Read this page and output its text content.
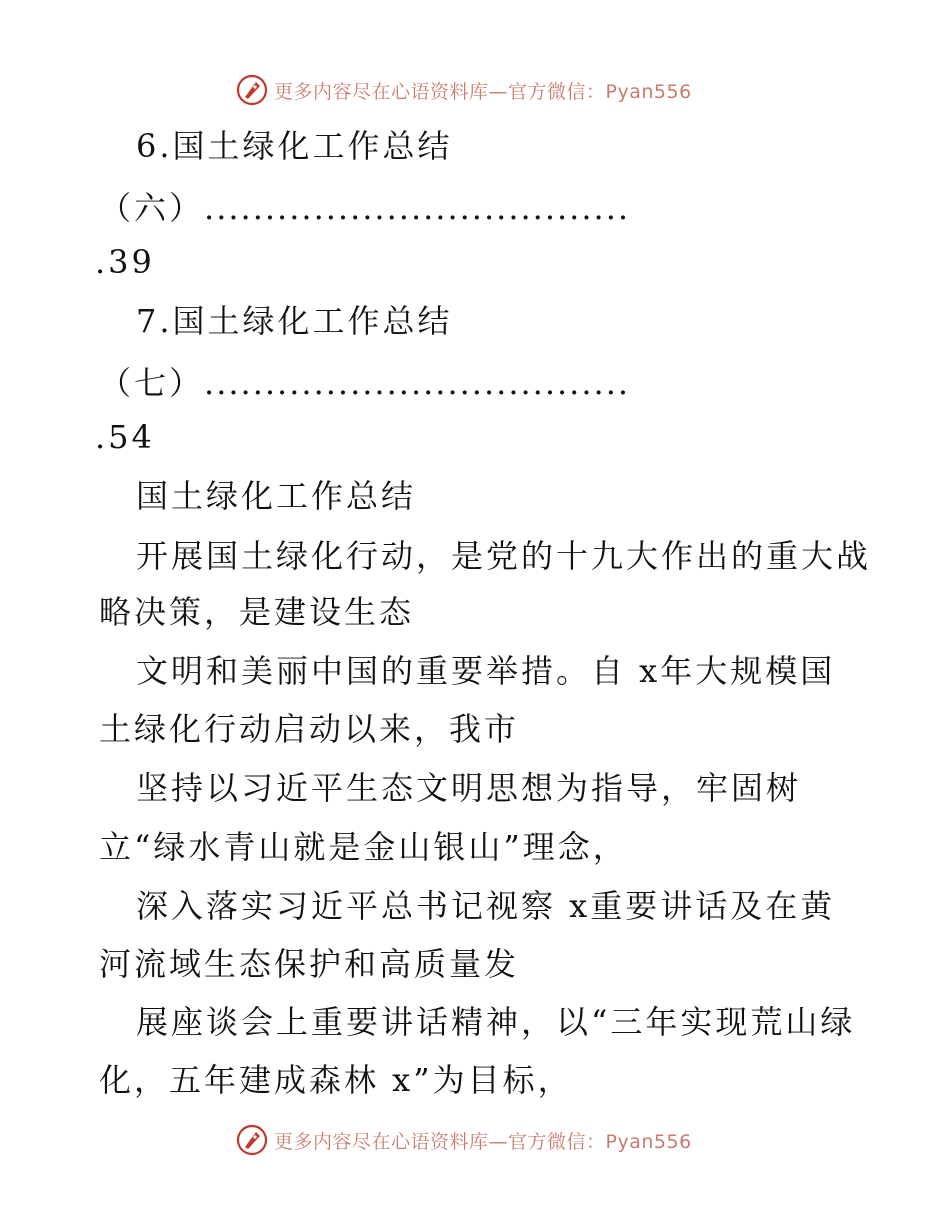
更多内容尽在心语资料库—官方微信：Pyan556
6.国土绿化工作总结
（六）...................................
.39
7.国土绿化工作总结
（七）...................................
.54
国土绿化工作总结
开展国土绿化行动，是党的十九大作出的重大战
略决策，是建设生态
文明和美丽中国的重要举措。自 x年大规模国
土绿化行动启动以来，我市
坚持以习近平生态文明思想为指导，牢固树
立“绿水青山就是金山银山”理念，
深入落实习近平总书记视察 x重要讲话及在黄
河流域生态保护和高质量发
展座谈会上重要讲话精神，以“三年实现荒山绿
化，五年建成森林 x”为目标，
更多内容尽在心语资料库—官方微信：Pyan556
